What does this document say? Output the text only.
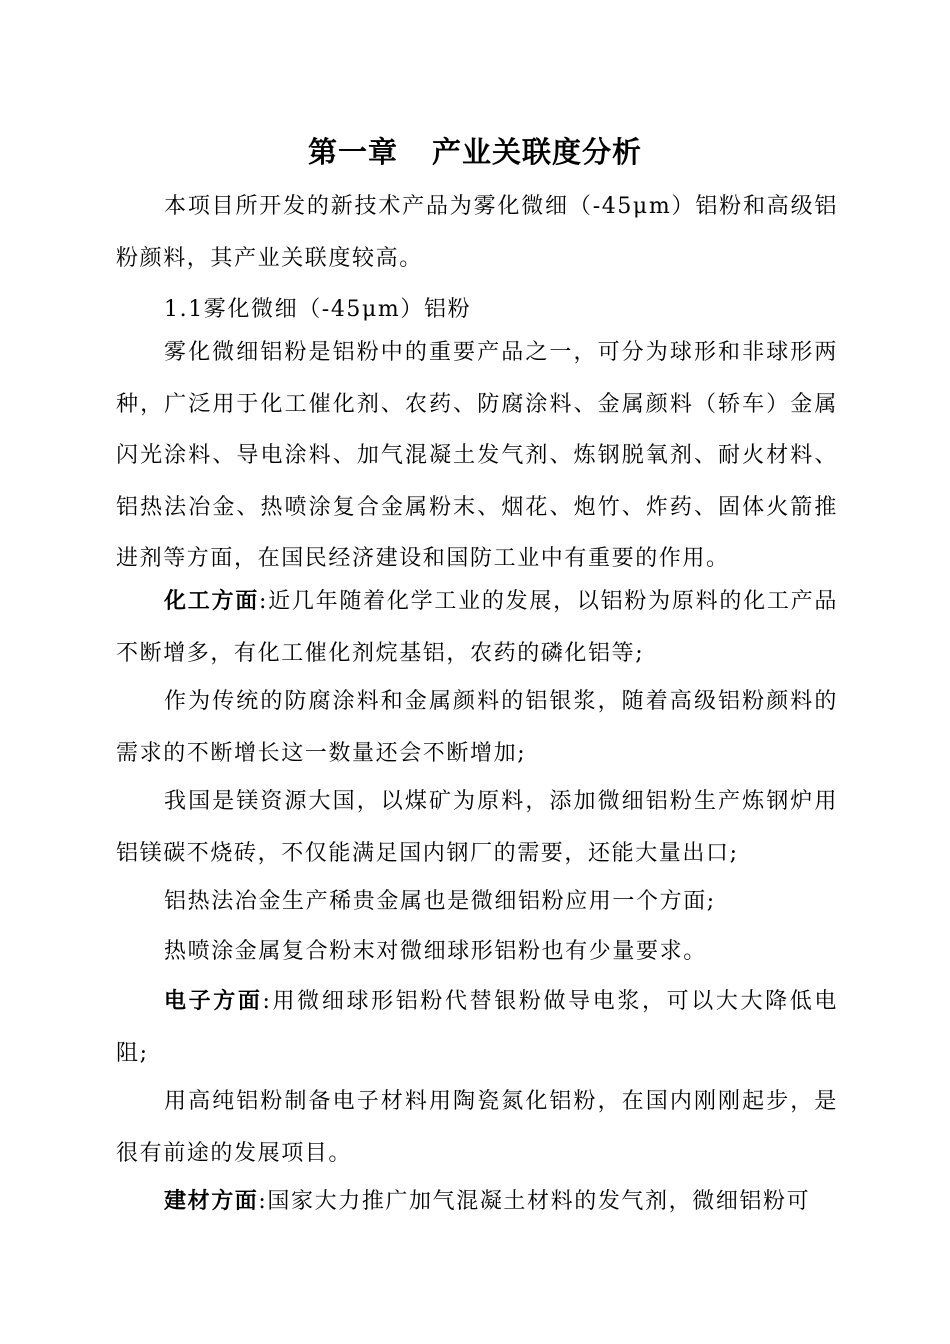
第一章 产业关联度分析

本项目所开发的新技术产品为雾化微细（-45μm）铝粉和高级铝粉颜料，其产业关联度较高。

1.1雾化微细（-45μm）铝粉

雾化微细铝粉是铝粉中的重要产品之一，可分为球形和非球形两种，广泛用于化工催化剂、农药、防腐涂料、金属颜料（轿车）金属闪光涂料、导电涂料、加气混凝土发气剂、炼钢脱氧剂、耐火材料、铝热法冶金、热喷涂复合金属粉末、烟花、炮竹、炸药、固体火箭推进剂等方面，在国民经济建设和国防工业中有重要的作用。

化工方面:近几年随着化学工业的发展，以铝粉为原料的化工产品不断增多，有化工催化剂烷基铝，农药的磷化铝等;

作为传统的防腐涂料和金属颜料的铝银浆，随着高级铝粉颜料的需求的不断增长这一数量还会不断增加;

我国是镁资源大国，以煤矿为原料，添加微细铝粉生产炼钢炉用铝镁碳不烧砖，不仅能满足国内钢厂的需要，还能大量出口;

铝热法冶金生产稀贵金属也是微细铝粉应用一个方面;

热喷涂金属复合粉末对微细球形铝粉也有少量要求。

电子方面:用微细球形铝粉代替银粉做导电浆，可以大大降低电阻;

用高纯铝粉制备电子材料用陶瓷氮化铝粉，在国内刚刚起步，是很有前途的发展项目。

建材方面:国家大力推广加气混凝土材料的发气剂，微细铝粉可
